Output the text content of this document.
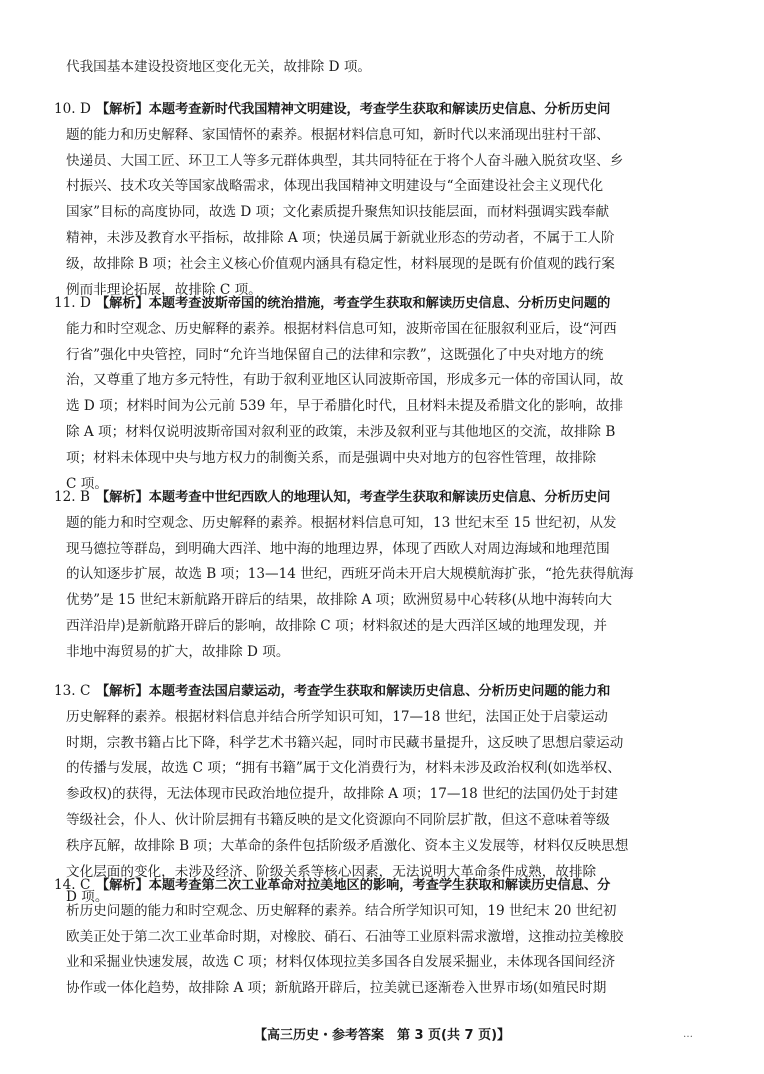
代我国基本建设投资地区变化无关，故排除 D 项。
10. D 【解析】本题考查新时代我国精神文明建设，考查学生获取和解读历史信息、分析历史问
题的能力和历史解释、家国情怀的素养。根据材料信息可知，新时代以来涌现出驻村干部、
快递员、大国工匠、环卫工人等多元群体典型，其共同特征在于将个人奋斗融入脱贫攻坚、乡
村振兴、技术攻关等国家战略需求，体现出我国精神文明建设与“全面建设社会主义现代化
国家”目标的高度协同，故选 D 项；文化素质提升聚焦知识技能层面，而材料强调实践奉献
精神，未涉及教育水平指标，故排除 A 项；快递员属于新就业形态的劳动者，不属于工人阶
级，故排除 B 项；社会主义核心价值观内涵具有稳定性，材料展现的是既有价值观的践行案
例而非理论拓展，故排除 C 项。
11. D 【解析】本题考查波斯帝国的统治措施，考查学生获取和解读历史信息、分析历史问题的
能力和时空观念、历史解释的素养。根据材料信息可知，波斯帝国在征服叙利亚后，设“河西
行省”强化中央管控，同时“允许当地保留自己的法律和宗教”，这既强化了中央对地方的统
治，又尊重了地方多元特性，有助于叙利亚地区认同波斯帝国，形成多元一体的帝国认同，故
选 D 项；材料时间为公元前 539 年，早于希腊化时代，且材料未提及希腊文化的影响，故排
除 A 项；材料仅说明波斯帝国对叙利亚的政策，未涉及叙利亚与其他地区的交流，故排除 B
项；材料未体现中央与地方权力的制衡关系，而是强调中央对地方的包容性管理，故排除
C 项。
12. B 【解析】本题考查中世纪西欧人的地理认知，考查学生获取和解读历史信息、分析历史问
题的能力和时空观念、历史解释的素养。根据材料信息可知，13 世纪末至 15 世纪初，从发
现马德拉等群岛，到明确大西洋、地中海的地理边界，体现了西欧人对周边海域和地理范围
的认知逐步扩展，故选 B 项；13—14 世纪，西班牙尚未开启大规模航海扩张，“抢先获得航海
优势”是 15 世纪末新航路开辟后的结果，故排除 A 项；欧洲贸易中心转移(从地中海转向大
西洋沿岸)是新航路开辟后的影响，故排除 C 项；材料叙述的是大西洋区域的地理发现，并
非地中海贸易的扩大，故排除 D 项。
13. C 【解析】本题考查法国启蒙运动，考查学生获取和解读历史信息、分析历史问题的能力和
历史解释的素养。根据材料信息并结合所学知识可知，17—18 世纪，法国正处于启蒙运动
时期，宗教书籍占比下降，科学艺术书籍兴起，同时市民藏书量提升，这反映了思想启蒙运动
的传播与发展，故选 C 项；“拥有书籍”属于文化消费行为，材料未涉及政治权利(如选举权、
参政权)的获得，无法体现市民政治地位提升，故排除 A 项；17—18 世纪的法国仍处于封建
等级社会，仆人、伙计阶层拥有书籍反映的是文化资源向不同阶层扩散，但这不意味着等级
秩序瓦解，故排除 B 项；大革命的条件包括阶级矛盾激化、资本主义发展等，材料仅反映思想
文化层面的变化，未涉及经济、阶级关系等核心因素，无法说明大革命条件成熟，故排除
D 项。
14. C 【解析】本题考查第二次工业革命对拉美地区的影响，考查学生获取和解读历史信息、分
析历史问题的能力和时空观念、历史解释的素养。结合所学知识可知，19 世纪末 20 世纪初
欧美正处于第二次工业革命时期，对橡胶、硝石、石油等工业原料需求激增，这推动拉美橡胶
业和采掘业快速发展，故选 C 项；材料仅体现拉美多国各自发展采掘业，未体现各国间经济
协作或一体化趋势，故排除 A 项；新航路开辟后，拉美就已逐渐卷入世界市场(如殖民时期
【高三历史・参考答案　第 3 页(共 7 页)】	…
